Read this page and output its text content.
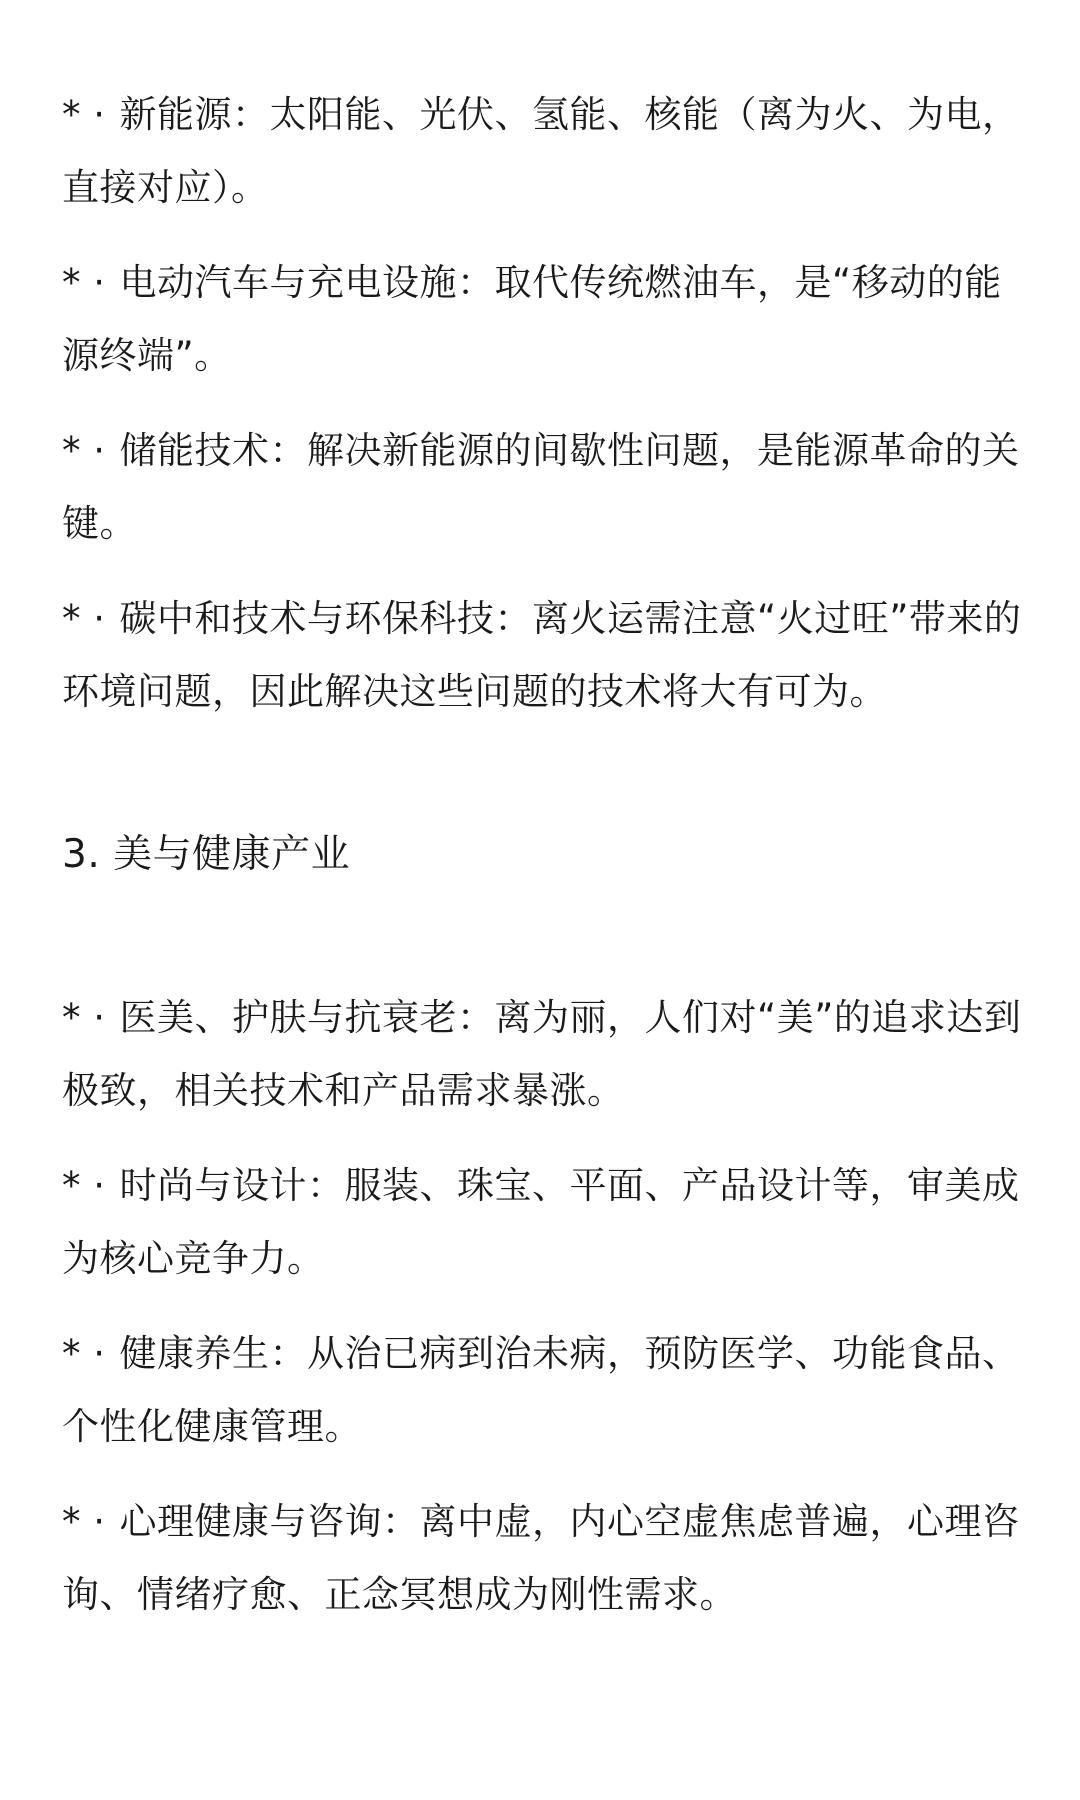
* · 新能源：太阳能、光伏、氢能、核能（离为火、为电，直接对应）。

* · 电动汽车与充电设施：取代传统燃油车，是“移动的能源终端”。

* · 储能技术：解决新能源的间歇性问题，是能源革命的关键。

* · 碳中和技术与环保科技：离火运需注意“火过旺”带来的环境问题，因此解决这些问题的技术将大有可为。

3. 美与健康产业

* · 医美、护肤与抗衰老：离为丽，人们对“美”的追求达到极致，相关技术和产品需求暴涨。

* · 时尚与设计：服装、珠宝、平面、产品设计等，审美成为核心竞争力。

* · 健康养生：从治已病到治未病，预防医学、功能食品、个性化健康管理。

* · 心理健康与咨询：离中虚，内心空虚焦虑普遍，心理咨询、情绪疗愈、正念冥想成为刚性需求。
